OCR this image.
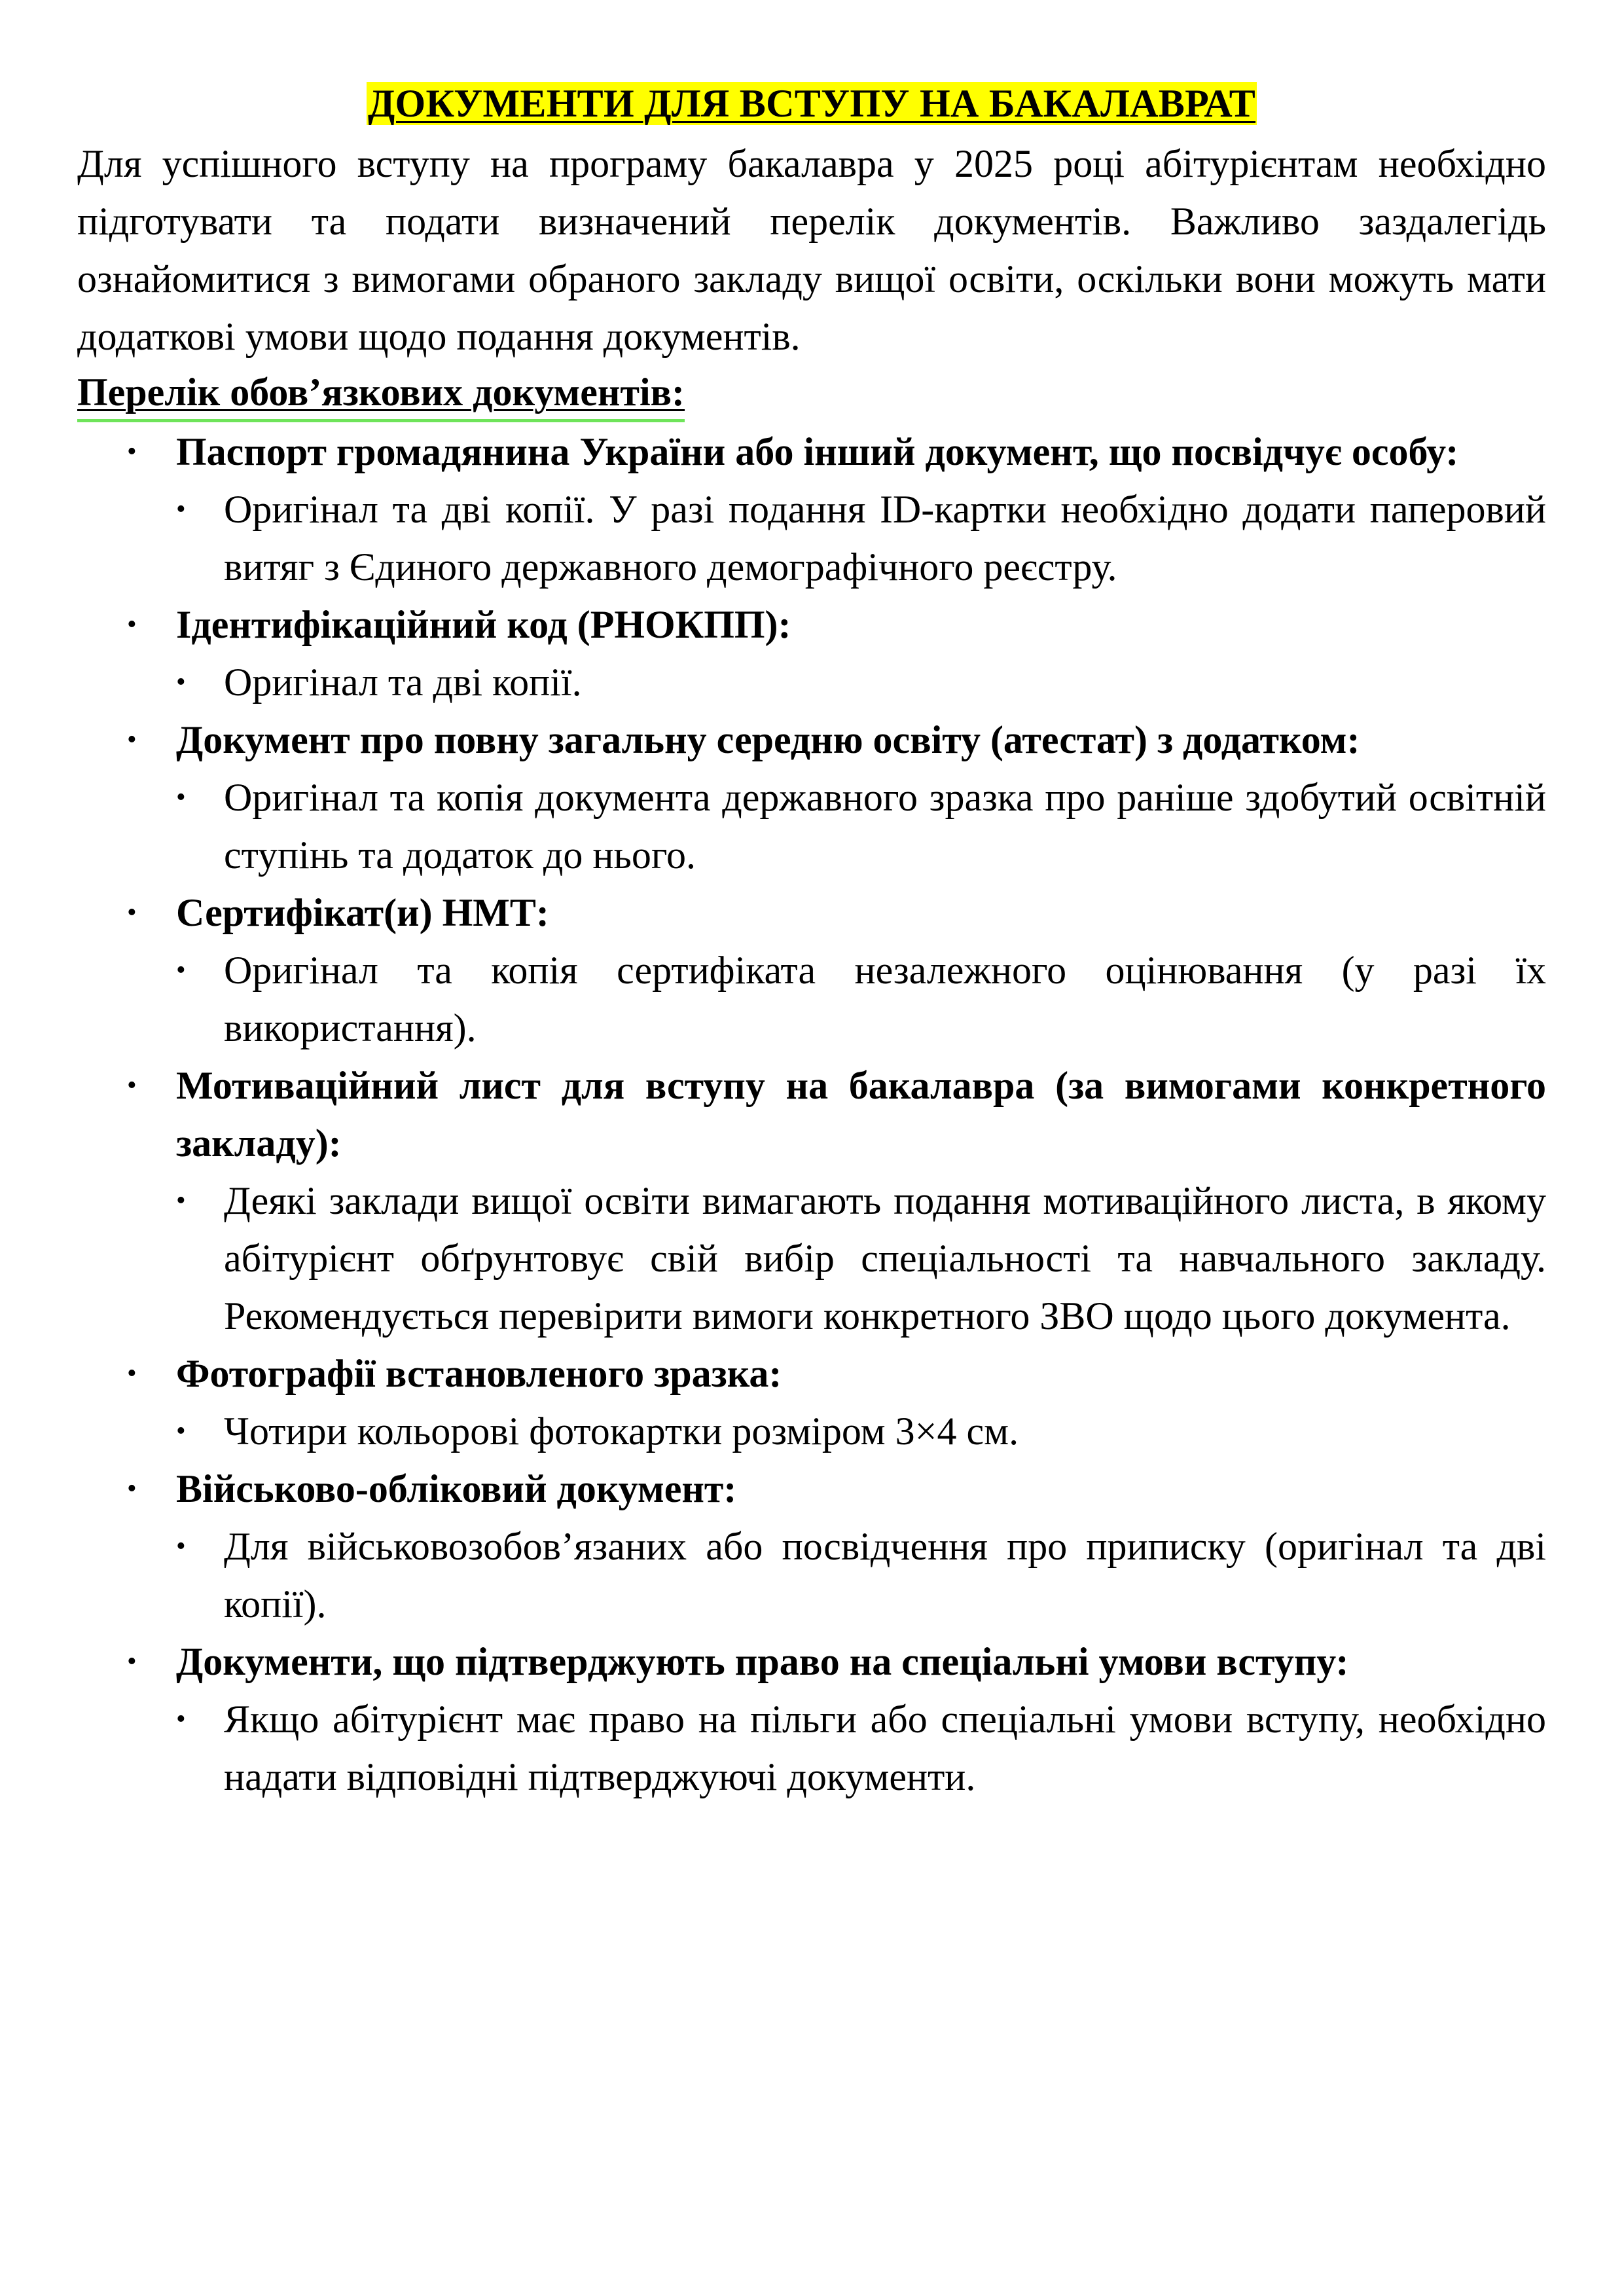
ДОКУМЕНТИ ДЛЯ ВСТУПУ НА БАКАЛАВРАТ

Для успішного вступу на програму бакалавра у 2025 році абітурієнтам необхідно підготувати та подати визначений перелік документів. Важливо заздалегідь ознайомитися з вимогами обраного закладу вищої освіти, оскільки вони можуть мати додаткові умови щодо подання документів.

Перелік обов’язкових документів:
• Паспорт громадянина України або інший документ, що посвідчує особу:
• Оригінал та дві копії. У разі подання ID-картки необхідно додати паперовий витяг з Єдиного державного демографічного реєстру.
• Ідентифікаційний код (РНОКПП):
• Оригінал та дві копії.
• Документ про повну загальну середню освіту (атестат) з додатком:
• Оригінал та копія документа державного зразка про раніше здобутий освітній ступінь та додаток до нього.
• Сертифікат(и) НМТ:
• Оригінал та копія сертифіката незалежного оцінювання (у разі їх використання).
• Мотиваційний лист для вступу на бакалавра (за вимогами конкретного закладу):
• Деякі заклади вищої освіти вимагають подання мотиваційного листа, в якому абітурієнт обґрунтовує свій вибір спеціальності та навчального закладу. Рекомендується перевірити вимоги конкретного ЗВО щодо цього документа.
• Фотографії встановленого зразка:
• Чотири кольорові фотокартки розміром 3×4 см.
• Військово-обліковий документ:
• Для військовозобов’язаних або посвідчення про приписку (оригінал та дві копії).
• Документи, що підтверджують право на спеціальні умови вступу:
• Якщо абітурієнт має право на пільги або спеціальні умови вступу, необхідно надати відповідні підтверджуючі документи.
